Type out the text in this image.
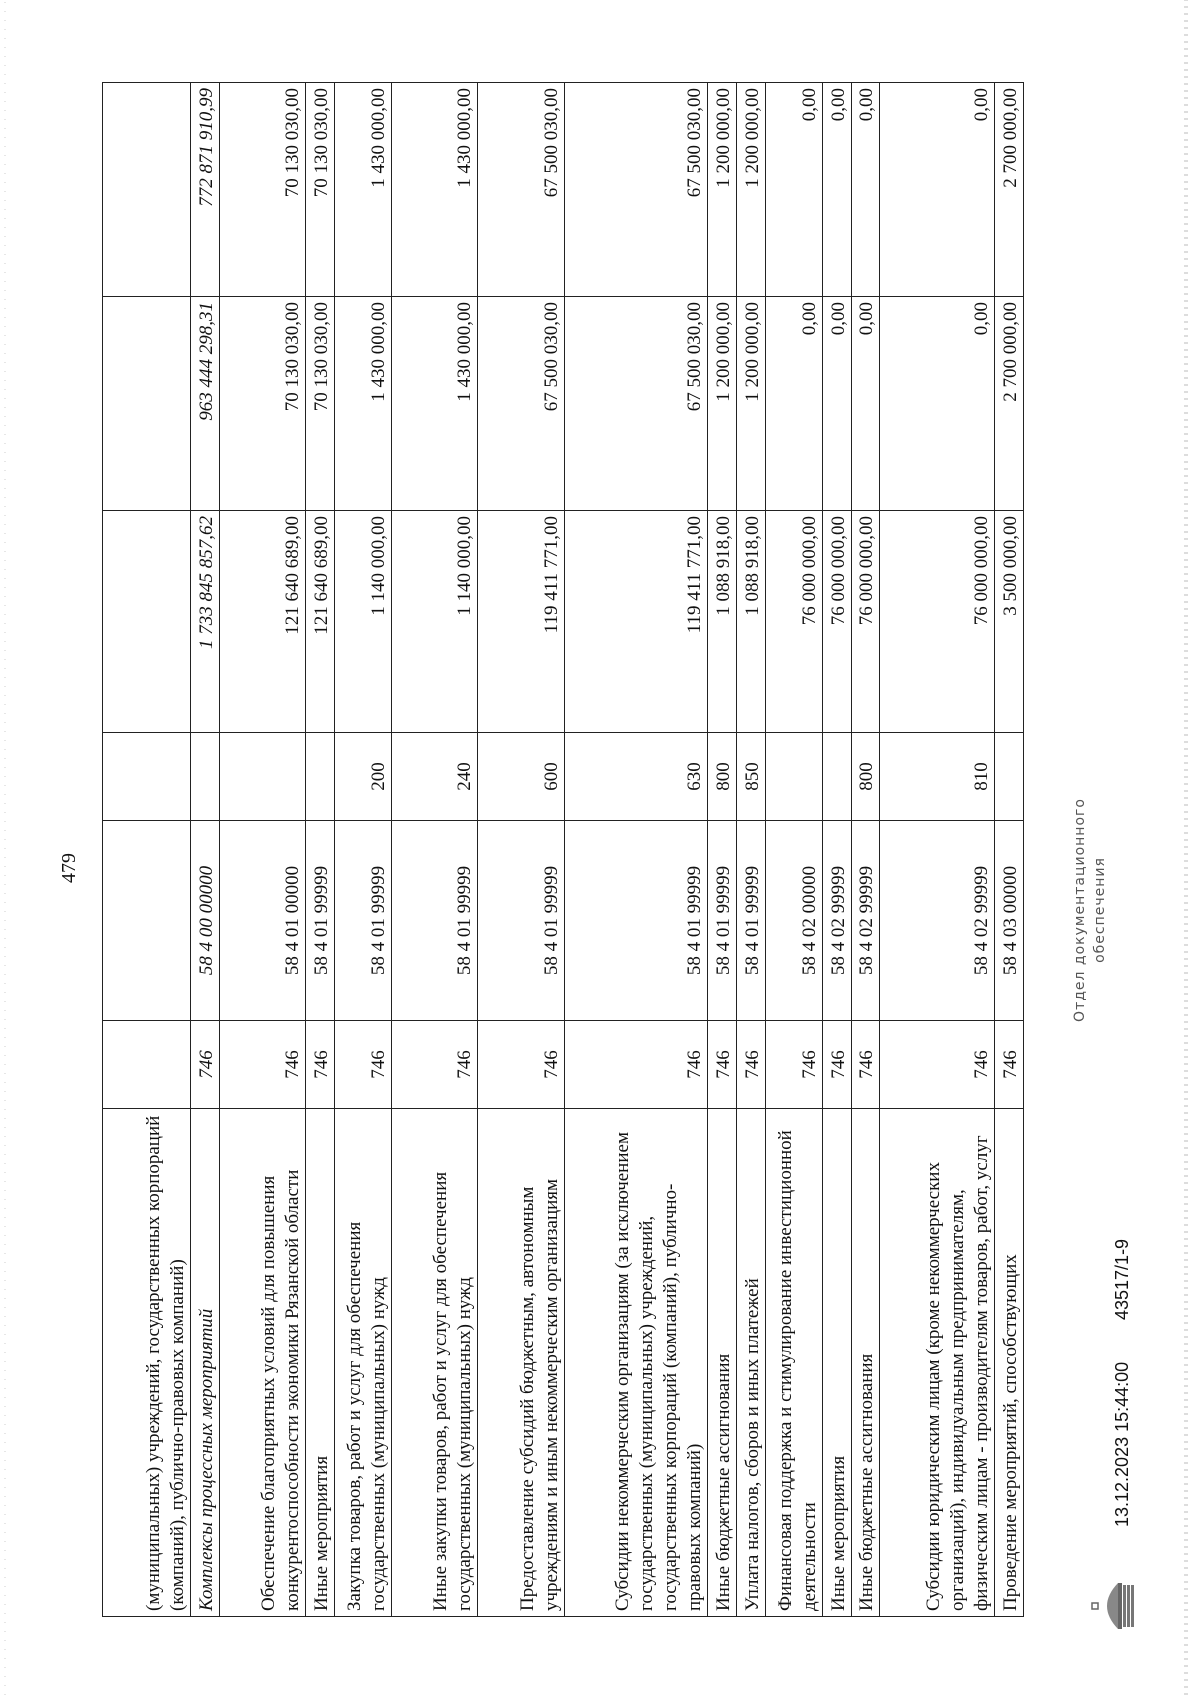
479
(муниципальных) учреждений, государственных корпораций (компаний), публично-правовых компаний)						
Комплексы процессных мероприятий	746	58 4 00 00000		1 733 845 857,62	963 444 298,31	772 871 910,99
Обеспечение благоприятных условий для повышения конкурентоспособности экономики Рязанской области	746	58 4 01 00000		121 640 689,00	70 130 030,00	70 130 030,00
Иные мероприятия	746	58 4 01 99999		121 640 689,00	70 130 030,00	70 130 030,00
Закупка товаров, работ и услуг для обеспечения государственных (муниципальных) нужд	746	58 4 01 99999	200	1 140 000,00	1 430 000,00	1 430 000,00
Иные закупки товаров, работ и услуг для обеспечения государственных (муниципальных) нужд	746	58 4 01 99999	240	1 140 000,00	1 430 000,00	1 430 000,00
Предоставление субсидий бюджетным, автономным учреждениям и иным некоммерческим организациям	746	58 4 01 99999	600	119 411 771,00	67 500 030,00	67 500 030,00
Субсидии некоммерческим организациям (за исключением государственных (муниципальных) учреждений, государственных корпораций (компаний), публично-правовых компаний)	746	58 4 01 99999	630	119 411 771,00	67 500 030,00	67 500 030,00
Иные бюджетные ассигнования	746	58 4 01 99999	800	1 088 918,00	1 200 000,00	1 200 000,00
Уплата налогов, сборов и иных платежей	746	58 4 01 99999	850	1 088 918,00	1 200 000,00	1 200 000,00
Финансовая поддержка и стимулирование инвестиционной деятельности	746	58 4 02 00000		76 000 000,00	0,00	0,00
Иные мероприятия	746	58 4 02 99999		76 000 000,00	0,00	0,00
Иные бюджетные ассигнования	746	58 4 02 99999	800	76 000 000,00	0,00	0,00
Субсидии юридическим лицам (кроме некоммерческих организаций), индивидуальным предпринимателям, физическим лицам - производителям товаров, работ, услуг	746	58 4 02 99999	810	76 000 000,00	0,00	0,00
Проведение мероприятий, способствующих	746	58 4 03 00000		3 500 000,00	2 700 000,00	2 700 000,00
13.12.2023 15:44:00
43517/1-9
Отдел документационного обеспечения
